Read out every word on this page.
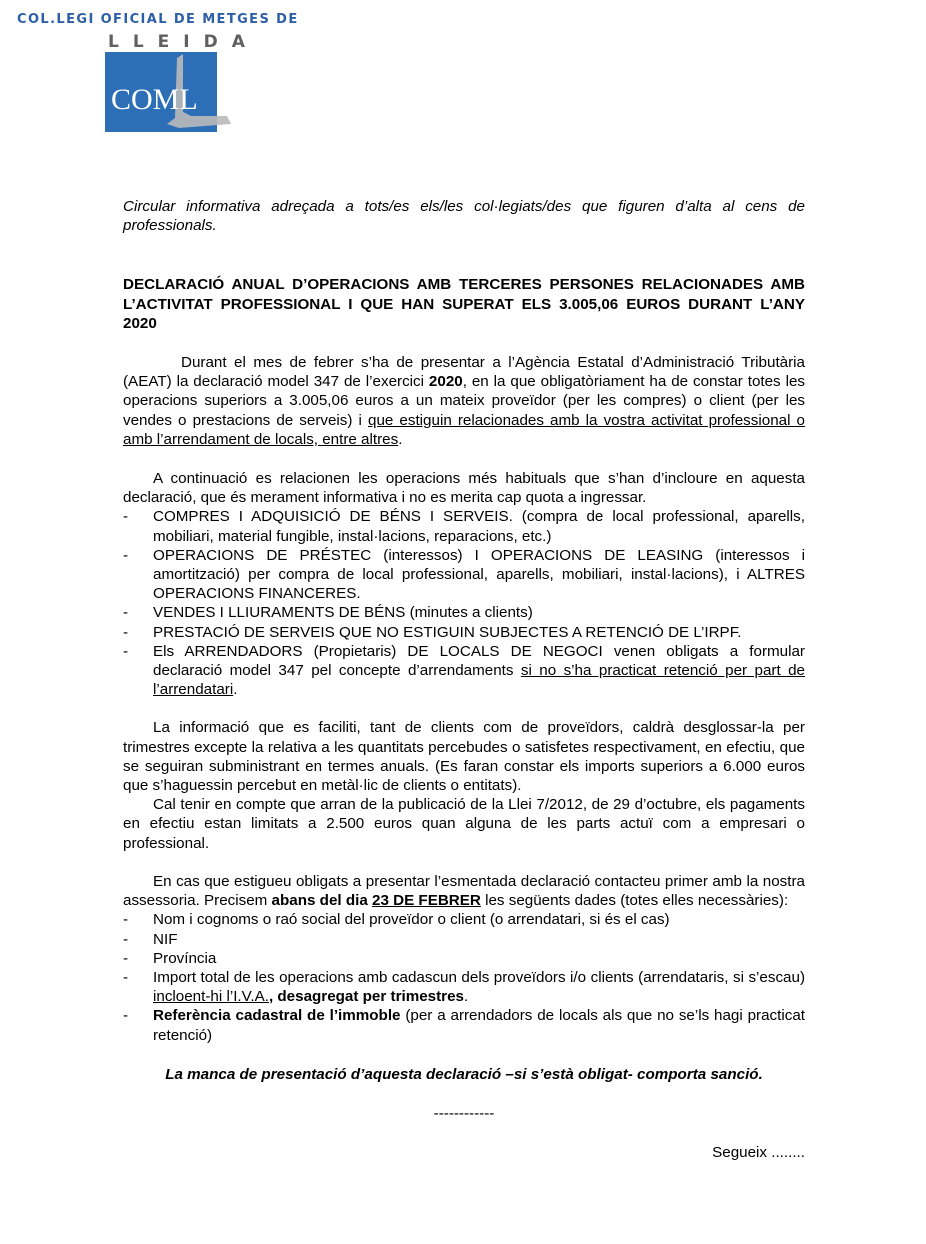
COL.LEGI OFICIAL DE METGES DE
LLEIDA
COML

Circular informativa adreçada a tots/es els/les col·legiats/des que figuren d’alta al cens de professionals.

DECLARACIÓ ANUAL D’OPERACIONS AMB TERCERES PERSONES RELACIONADES AMB L’ACTIVITAT PROFESSIONAL I QUE HAN SUPERAT ELS 3.005,06 EUROS DURANT L’ANY 2020

Durant el mes de febrer s’ha de presentar a l’Agència Estatal d’Administració Tributària (AEAT) la declaració model 347 de l’exercici 2020, en la que obligatòriament ha de constar totes les operacions superiors a 3.005,06 euros a un mateix proveïdor (per les compres) o client (per les vendes o prestacions de serveis) i que estiguin relacionades amb la vostra activitat professional o amb l’arrendament de locals, entre altres.

A continuació es relacionen les operacions més habituals que s’han d’incloure en aquesta declaració, que és merament informativa i no es merita cap quota a ingressar.

- COMPRES I ADQUISICIÓ DE BÉNS I SERVEIS. (compra de local professional, aparells, mobiliari, material fungible, instal·lacions, reparacions, etc.)
- OPERACIONS DE PRÉSTEC (interessos) I OPERACIONS DE LEASING (interessos i amortització) per compra de local professional, aparells, mobiliari, instal·lacions), i ALTRES OPERACIONS FINANCERES.
- VENDES I LLIURAMENTS DE BÉNS (minutes a clients)
- PRESTACIÓ DE SERVEIS QUE NO ESTIGUIN SUBJECTES A RETENCIÓ DE L’IRPF.
- Els ARRENDADORS (Propietaris) DE LOCALS DE NEGOCI venen obligats a formular declaració model 347 pel concepte d’arrendaments si no s’ha practicat retenció per part de l’arrendatari.

La informació que es faciliti, tant de clients com de proveïdors, caldrà desglossar-la per trimestres excepte la relativa a les quantitats percebudes o satisfetes respectivament, en efectiu, que se seguiran subministrant en termes anuals. (Es faran constar els imports superiors a 6.000 euros que s’haguessin percebut en metàl·lic de clients o entitats).

Cal tenir en compte que arran de la publicació de la Llei 7/2012, de 29 d’octubre, els pagaments en efectiu estan limitats a 2.500 euros quan alguna de les parts actuï com a empresari o professional.

En cas que estigueu obligats a presentar l’esmentada declaració contacteu primer amb la nostra assessoria. Precisem abans del dia 23 DE FEBRER les següents dades (totes elles necessàries):

- Nom i cognoms o raó social del proveïdor o client (o arrendatari, si és el cas)
- NIF
- Província
- Import total de les operacions amb cadascun dels proveïdors i/o clients (arrendataris, si s’escau) incloent-hi l’I.V.A., desagregat per trimestres.
- Referència cadastral de l’immoble (per a arrendadors de locals als que no se’ls hagi practicat retenció)

La manca de presentació d’aquesta declaració –si s’està obligat- comporta sanció.

------------

Segueix ........
